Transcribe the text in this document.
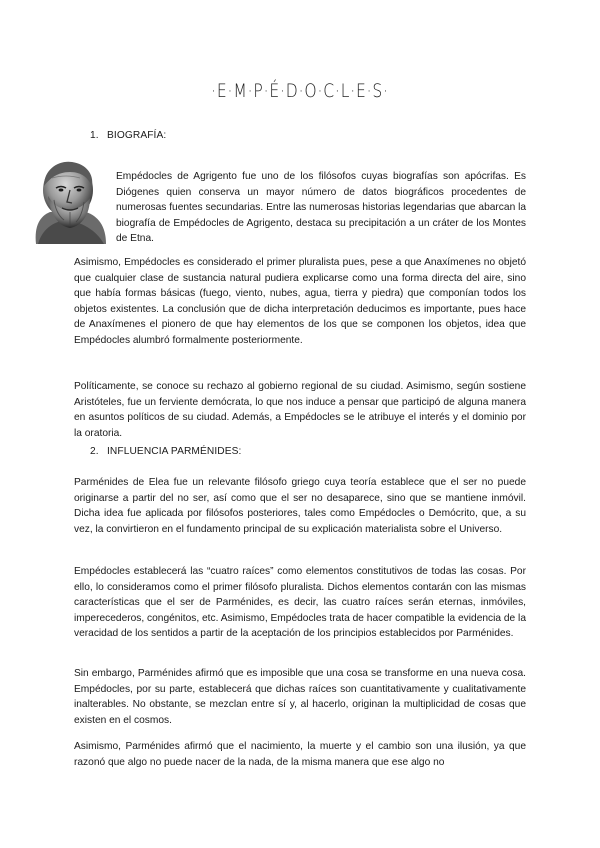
·E·M·P·É·D·O·C·L·E·S·
1. BIOGRAFÍA:

Empédocles de Agrigento fue uno de los filósofos cuyas biografías son apócrifas. Es Diógenes quien conserva un mayor número de datos biográficos procedentes de numerosas fuentes secundarias. Entre las numerosas historias legendarias que abarcan la biografía de Empédocles de Agrigento, destaca su precipitación a un cráter de los Montes de Etna.

Asimismo, Empédocles es considerado el primer pluralista pues, pese a que Anaxímenes no objetó que cualquier clase de sustancia natural pudiera explicarse como una forma directa del aire, sino que había formas básicas (fuego, viento, nubes, agua, tierra y piedra) que componían todos los objetos existentes. La conclusión que de dicha interpretación deducimos es importante, pues hace de Anaxímenes el pionero de que hay elementos de los que se componen los objetos, idea que Empédocles alumbró formalmente posteriormente.

Políticamente, se conoce su rechazo al gobierno regional de su ciudad. Asimismo, según sostiene Aristóteles, fue un ferviente demócrata, lo que nos induce a pensar que participó de alguna manera en asuntos políticos de su ciudad. Además, a Empédocles se le atribuye el interés y el dominio por la oratoria.

2. INFLUENCIA PARMÉNIDES:

Parménides de Elea fue un relevante filósofo griego cuya teoría establece que el ser no puede originarse a partir del no ser, así como que el ser no desaparece, sino que se mantiene inmóvil. Dicha idea fue aplicada por filósofos posteriores, tales como Empédocles o Demócrito, que, a su vez, la convirtieron en el fundamento principal de su explicación materialista sobre el Universo.

Empédocles establecerá las “cuatro raíces” como elementos constitutivos de todas las cosas. Por ello, lo consideramos como el primer filósofo pluralista. Dichos elementos contarán con las mismas características que el ser de Parménides, es decir, las cuatro raíces serán eternas, inmóviles, imperecederos, congénitos, etc. Asimismo, Empédocles trata de hacer compatible la evidencia de la veracidad de los sentidos a partir de la aceptación de los principios establecidos por Parménides.

Sin embargo, Parménides afirmó que es imposible que una cosa se transforme en una nueva cosa. Empédocles, por su parte, establecerá que dichas raíces son cuantitativamente y cualitativamente inalterables. No obstante, se mezclan entre sí y, al hacerlo, originan la multiplicidad de cosas que existen en el cosmos.

Asimismo, Parménides afirmó que el nacimiento, la muerte y el cambio son una ilusión, ya que razonó que algo no puede nacer de la nada, de la misma manera que ese algo no
